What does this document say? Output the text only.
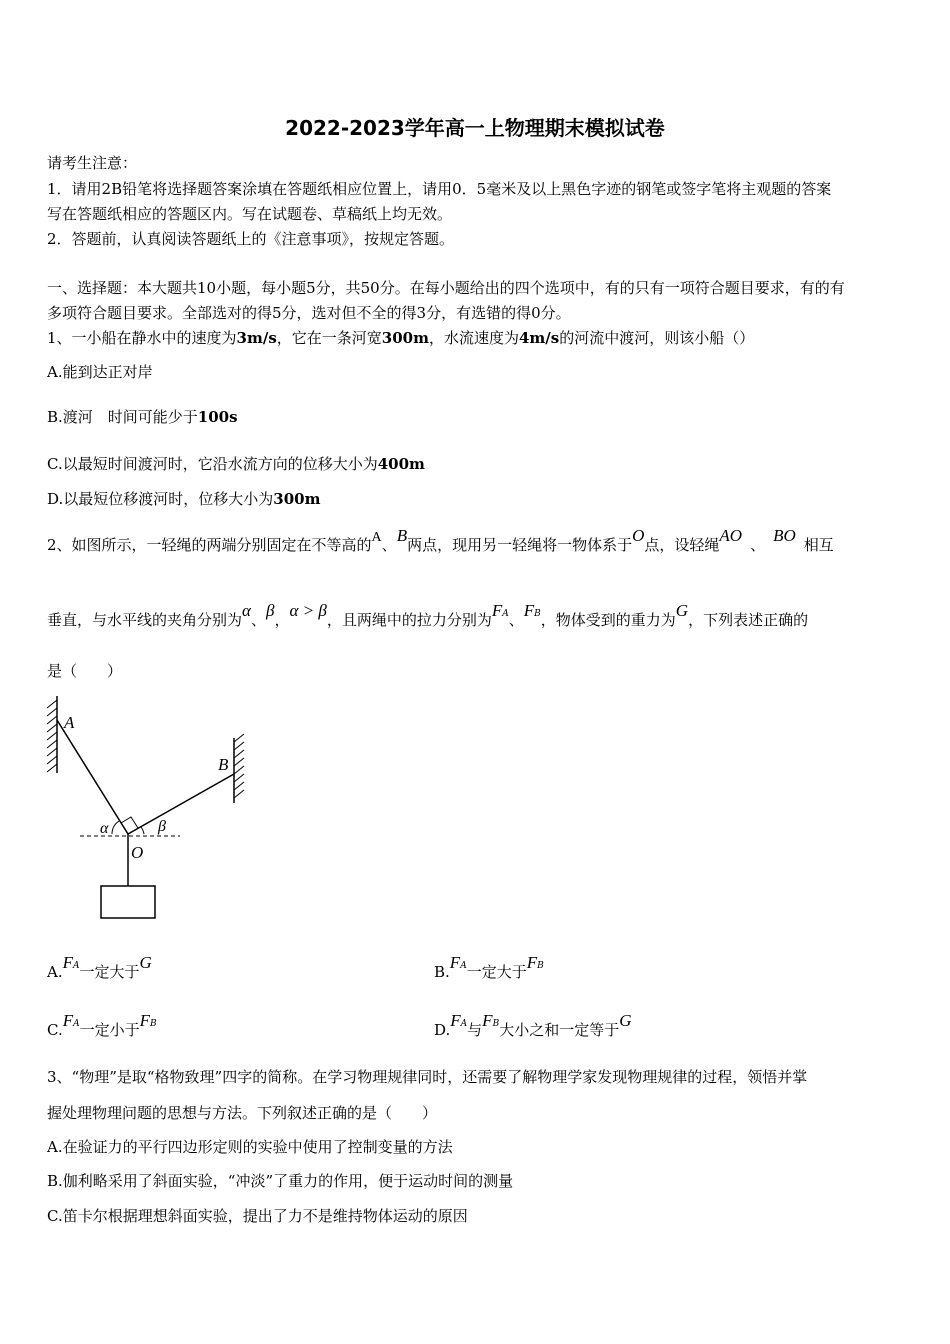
2022-2023学年高一上物理期末模拟试卷
请考生注意：
1．请用2B铅笔将选择题答案涂填在答题纸相应位置上，请用0．5毫米及以上黑色字迹的钢笔或签字笔将主观题的答案
写在答题纸相应的答题区内。写在试题卷、草稿纸上均无效。
2．答题前，认真阅读答题纸上的《注意事项》，按规定答题。
一、选择题：本大题共10小题，每小题5分，共50分。在每小题给出的四个选项中，有的只有一项符合题目要求，有的有
多项符合题目要求。全部选对的得5分，选对但不全的得3分，有选错的得0分。
1、一小船在静水中的速度为3m/s，它在一条河宽300m，水流速度为4m/s的河流中渡河，则该小船（）
A.能到达正对岸
B.渡河　时间可能少于100s
C.以最短时间渡河时，它沿水流方向的位移大小为400m
D.以最短位移渡河时，位移大小为300m
2、如图所示，一轻绳的两端分别固定在不等高的A、B两点，现用另一轻绳将一物体系于O点，设轻绳AO 、 BO 相互
垂直，与水平线的夹角分别为α、β，α > β，且两绳中的拉力分别为FA、FB，物体受到的重力为G，下列表述正确的
是（　　）
A
B
O
α	β
A.FA一定大于G	B.FA一定大于FB
C.FA一定小于FB	D.FA与FB大小之和一定等于G
3、“物理”是取“格物致理”四字的简称。在学习物理规律同时，还需要了解物理学家发现物理规律的过程，领悟并掌
握处理物理问题的思想与方法。下列叙述正确的是（　　）
A.在验证力的平行四边形定则的实验中使用了控制变量的方法
B.伽利略采用了斜面实验，“冲淡”了重力的作用，便于运动时间的测量
C.笛卡尔根据理想斜面实验，提出了力不是维持物体运动的原因
